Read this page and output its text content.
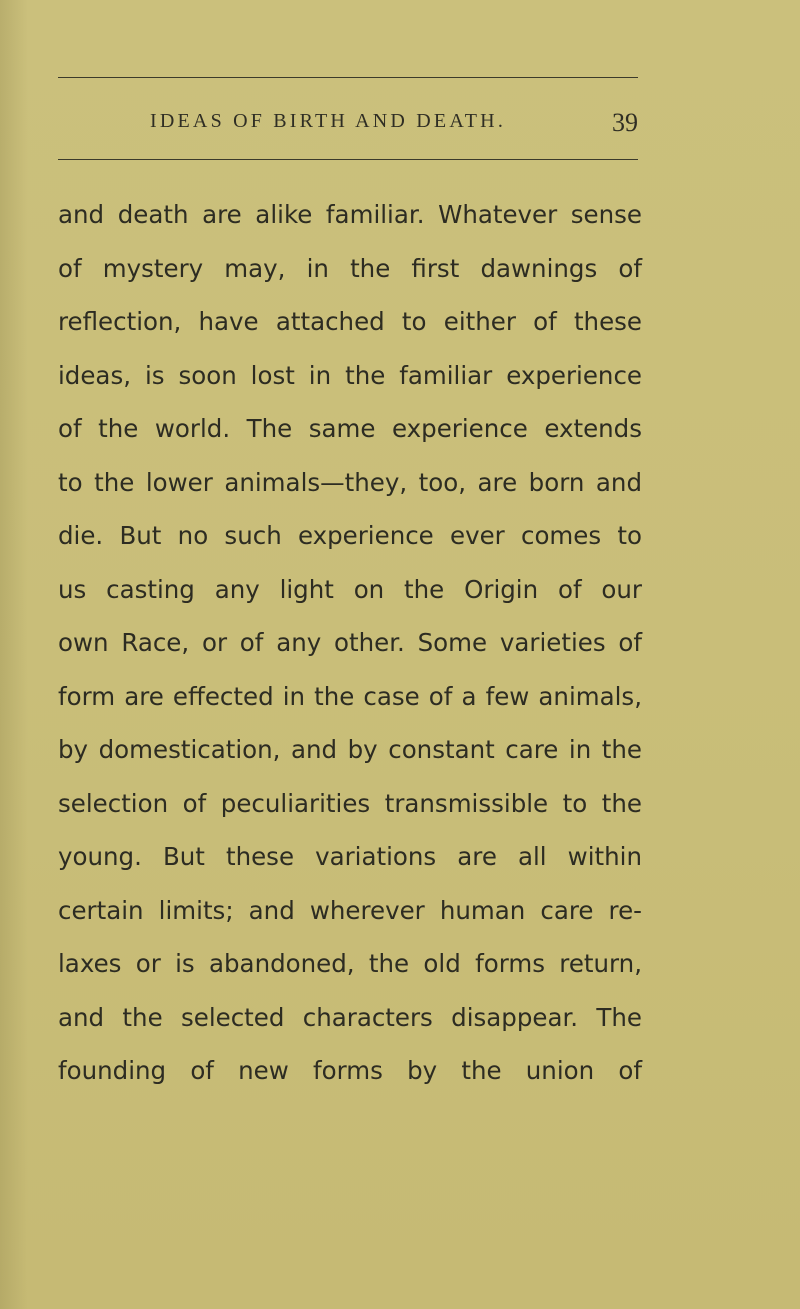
IDEAS OF BIRTH AND DEATH.	39
and death are alike familiar. Whatever sense
of mystery may, in the first dawnings of
reflection, have attached to either of these
ideas, is soon lost in the familiar experience
of the world. The same experience extends
to the lower animals—they, too, are born and
die. But no such experience ever comes to
us casting any light on the Origin of our
own Race, or of any other. Some varieties of
form are effected in the case of a few animals,
by domestication, and by constant care in the
selection of peculiarities transmissible to the
young. But these variations are all within
certain limits; and wherever human care re-
laxes or is abandoned, the old forms return,
and the selected characters disappear. The
founding of new forms by the union of
